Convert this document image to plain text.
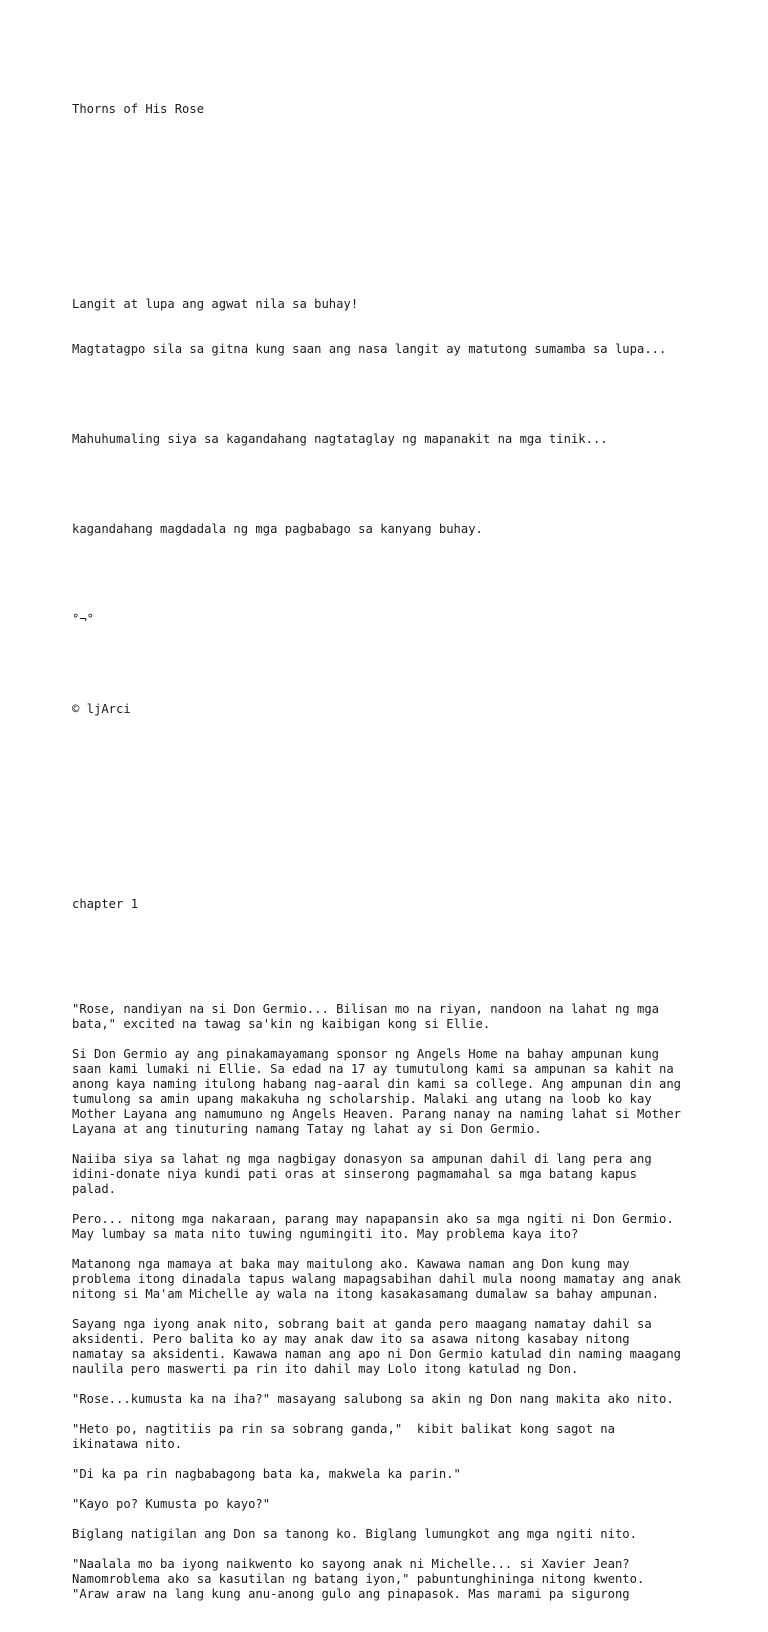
Thorns of His Rose

Langit at lupa ang agwat nila sa buhay!

Magtatagpo sila sa gitna kung saan ang nasa langit ay matutong sumamba sa lupa...

Mahuhumaling siya sa kagandahang nagtataglay ng mapanakit na mga tinik...

kagandahang magdadala ng mga pagbabago sa kanyang buhay.

°¬°

© ljArci

chapter 1

"Rose, nandiyan na si Don Germio... Bilisan mo na riyan, nandoon na lahat ng mga
bata," excited na tawag sa'kin ng kaibigan kong si Ellie.
Si Don Germio ay ang pinakamayamang sponsor ng Angels Home na bahay ampunan kung
saan kami lumaki ni Ellie. Sa edad na 17 ay tumutulong kami sa ampunan sa kahit na
anong kaya naming itulong habang nag-aaral din kami sa college. Ang ampunan din ang
tumulong sa amin upang makakuha ng scholarship. Malaki ang utang na loob ko kay
Mother Layana ang namumuno ng Angels Heaven. Parang nanay na naming lahat si Mother
Layana at ang tinuturing namang Tatay ng lahat ay si Don Germio.
Naiiba siya sa lahat ng mga nagbigay donasyon sa ampunan dahil di lang pera ang
idini-donate niya kundi pati oras at sinserong pagmamahal sa mga batang kapus
palad.
Pero... nitong mga nakaraan, parang may napapansin ako sa mga ngiti ni Don Germio.
May lumbay sa mata nito tuwing ngumingiti ito. May problema kaya ito?
Matanong nga mamaya at baka may maitulong ako. Kawawa naman ang Don kung may
problema itong dinadala tapus walang mapagsabihan dahil mula noong mamatay ang anak
nitong si Ma'am Michelle ay wala na itong kasakasamang dumalaw sa bahay ampunan.
Sayang nga iyong anak nito, sobrang bait at ganda pero maagang namatay dahil sa
aksidenti. Pero balita ko ay may anak daw ito sa asawa nitong kasabay nitong
namatay sa aksidenti. Kawawa naman ang apo ni Don Germio katulad din naming maagang
naulila pero maswerti pa rin ito dahil may Lolo itong katulad ng Don.
"Rose...kumusta ka na iha?" masayang salubong sa akin ng Don nang makita ako nito.
"Heto po, nagtitiis pa rin sa sobrang ganda,"  kibit balikat kong sagot na
ikinatawa nito.
"Di ka pa rin nagbabagong bata ka, makwela ka parin."
"Kayo po? Kumusta po kayo?"
Biglang natigilan ang Don sa tanong ko. Biglang lumungkot ang mga ngiti nito.
"Naalala mo ba iyong naikwento ko sayong anak ni Michelle... si Xavier Jean?
Namomroblema ako sa kasutilan ng batang iyon," pabuntunghininga nitong kwento.
"Araw araw na lang kung anu-anong gulo ang pinapasok. Mas marami pa sigurong
